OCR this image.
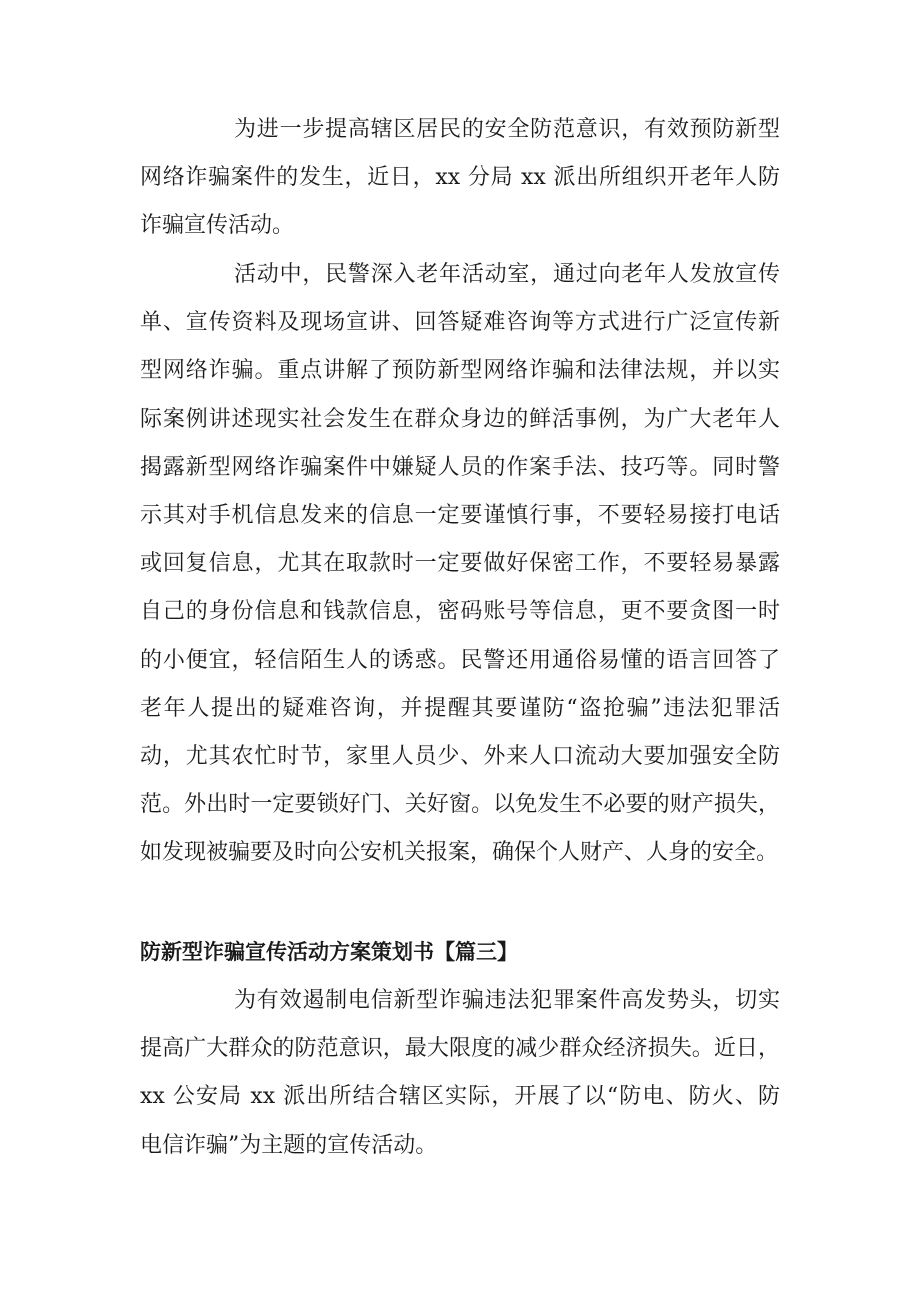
为进一步提高辖区居民的安全防范意识，有效预防新型
网络诈骗案件的发生，近日，xx 分局 xx 派出所组织开老年人防
诈骗宣传活动。

活动中，民警深入老年活动室，通过向老年人发放宣传
单、宣传资料及现场宣讲、回答疑难咨询等方式进行广泛宣传新
型网络诈骗。重点讲解了预防新型网络诈骗和法律法规，并以实
际案例讲述现实社会发生在群众身边的鲜活事例，为广大老年人
揭露新型网络诈骗案件中嫌疑人员的作案手法、技巧等。同时警
示其对手机信息发来的信息一定要谨慎行事，不要轻易接打电话
或回复信息，尤其在取款时一定要做好保密工作，不要轻易暴露
自己的身份信息和钱款信息，密码账号等信息，更不要贪图一时
的小便宜，轻信陌生人的诱惑。民警还用通俗易懂的语言回答了
老年人提出的疑难咨询，并提醒其要谨防“盗抢骗”违法犯罪活
动，尤其农忙时节，家里人员少、外来人口流动大要加强安全防
范。外出时一定要锁好门、关好窗。以免发生不必要的财产损失，
如发现被骗要及时向公安机关报案，确保个人财产、人身的安全。

防新型诈骗宣传活动方案策划书【篇三】

为有效遏制电信新型诈骗违法犯罪案件高发势头，切实
提高广大群众的防范意识，最大限度的减少群众经济损失。近日，
xx 公安局 xx 派出所结合辖区实际，开展了以“防电、防火、防
电信诈骗”为主题的宣传活动。
